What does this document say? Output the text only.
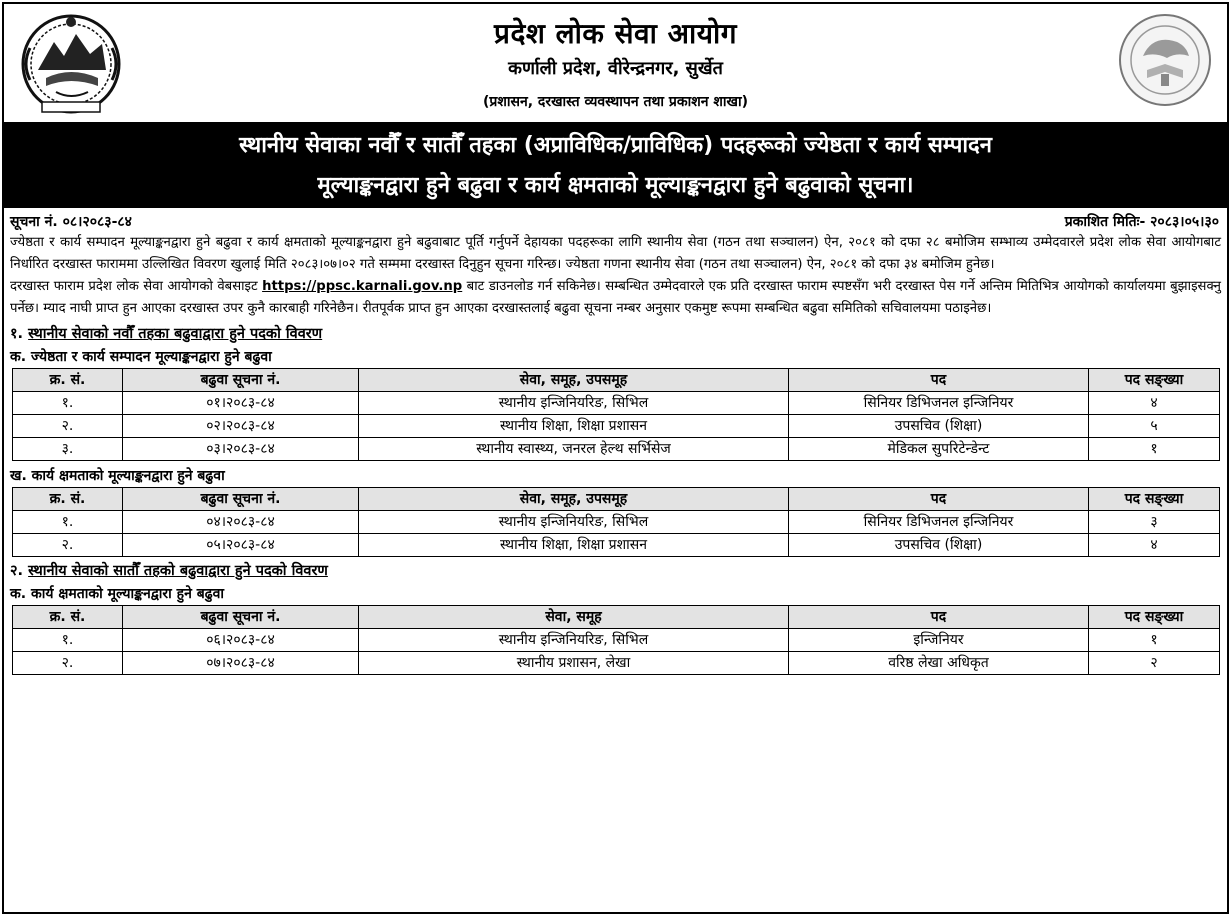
प्रदेश लोक सेवा आयोग
कर्णाली प्रदेश, वीरेन्द्रनगर, सुर्खेत
(प्रशासन, दरखास्त व्यवस्थापन तथा प्रकाशन शाखा)
स्थानीय सेवाका नवौँ र सातौँ तहका (अप्राविधिक/प्राविधिक) पदहरूको ज्येष्ठता र कार्य सम्पादन
मूल्याङ्कनद्वारा हुने बढुवा र कार्य क्षमताको मूल्याङ्कनद्वारा हुने बढुवाको सूचना।
सूचना नं. ०८।२०८३-८४	प्रकाशित मितिः- २०८३।०५।३०

ज्येष्ठता र कार्य सम्पादन मूल्याङ्कनद्वारा हुने बढुवा र कार्य क्षमताको मूल्याङ्कनद्वारा हुने बढुवाबाट पूर्ति गर्नुपर्ने देहायका पदहरूका लागि स्थानीय सेवा (गठन तथा सञ्चालन) ऐन, २०८१ को दफा २८ बमोजिम सम्भाव्य उम्मेदवारले प्रदेश लोक सेवा आयोगबाट निर्धारित दरखास्त फाराममा उल्लिखित विवरण खुलाई मिति २०८३।०७।०२ गते सम्ममा दरखास्त दिनुहुन सूचना गरिन्छ। ज्येष्ठता गणना स्थानीय सेवा (गठन तथा सञ्चालन) ऐन, २०८१ को दफा ३४ बमोजिम हुनेछ।

दरखास्त फाराम प्रदेश लोक सेवा आयोगको वेबसाइट https://ppsc.karnali.gov.np बाट डाउनलोड गर्न सकिनेछ। सम्बन्धित उम्मेदवारले एक प्रति दरखास्त फाराम स्पष्टसँग भरी दरखास्त पेस गर्ने अन्तिम मितिभित्र आयोगको कार्यालयमा बुझाइसक्नु पर्नेछ। म्याद नाघी प्राप्त हुन आएका दरखास्त उपर कुनै कारबाही गरिनेछैन। रीतपूर्वक प्राप्त हुन आएका दरखास्तलाई बढुवा सूचना नम्बर अनुसार एकमुष्ट रूपमा सम्बन्धित बढुवा समितिको सचिवालयमा पठाइनेछ।

१. स्थानीय सेवाको नवौँ तहका बढुवाद्वारा हुने पदको विवरण
क. ज्येष्ठता र कार्य सम्पादन मूल्याङ्कनद्वारा हुने बढुवा
क्र. सं.	बढुवा सूचना नं.	सेवा, समूह, उपसमूह	पद	पद सङ्ख्या
१.	०१।२०८३-८४	स्थानीय इन्जिनियरिङ, सिभिल	सिनियर डिभिजनल इन्जिनियर	४
२.	०२।२०८३-८४	स्थानीय शिक्षा, शिक्षा प्रशासन	उपसचिव (शिक्षा)	५
३.	०३।२०८३-८४	स्थानीय स्वास्थ्य, जनरल हेल्थ सर्भिसेज	मेडिकल सुपरिटेन्डेन्ट	१
ख. कार्य क्षमताको मूल्याङ्कनद्वारा हुने बढुवा
क्र. सं.	बढुवा सूचना नं.	सेवा, समूह, उपसमूह	पद	पद सङ्ख्या
१.	०४।२०८३-८४	स्थानीय इन्जिनियरिङ, सिभिल	सिनियर डिभिजनल इन्जिनियर	३
२.	०५।२०८३-८४	स्थानीय शिक्षा, शिक्षा प्रशासन	उपसचिव (शिक्षा)	४
२. स्थानीय सेवाको सातौँ तहको बढुवाद्वारा हुने पदको विवरण
क. कार्य क्षमताको मूल्याङ्कनद्वारा हुने बढुवा
क्र. सं.	बढुवा सूचना नं.	सेवा, समूह	पद	पद सङ्ख्या
१.	०६।२०८३-८४	स्थानीय इन्जिनियरिङ, सिभिल	इन्जिनियर	१
२.	०७।२०८३-८४	स्थानीय प्रशासन, लेखा	वरिष्ठ लेखा अधिकृत	२
